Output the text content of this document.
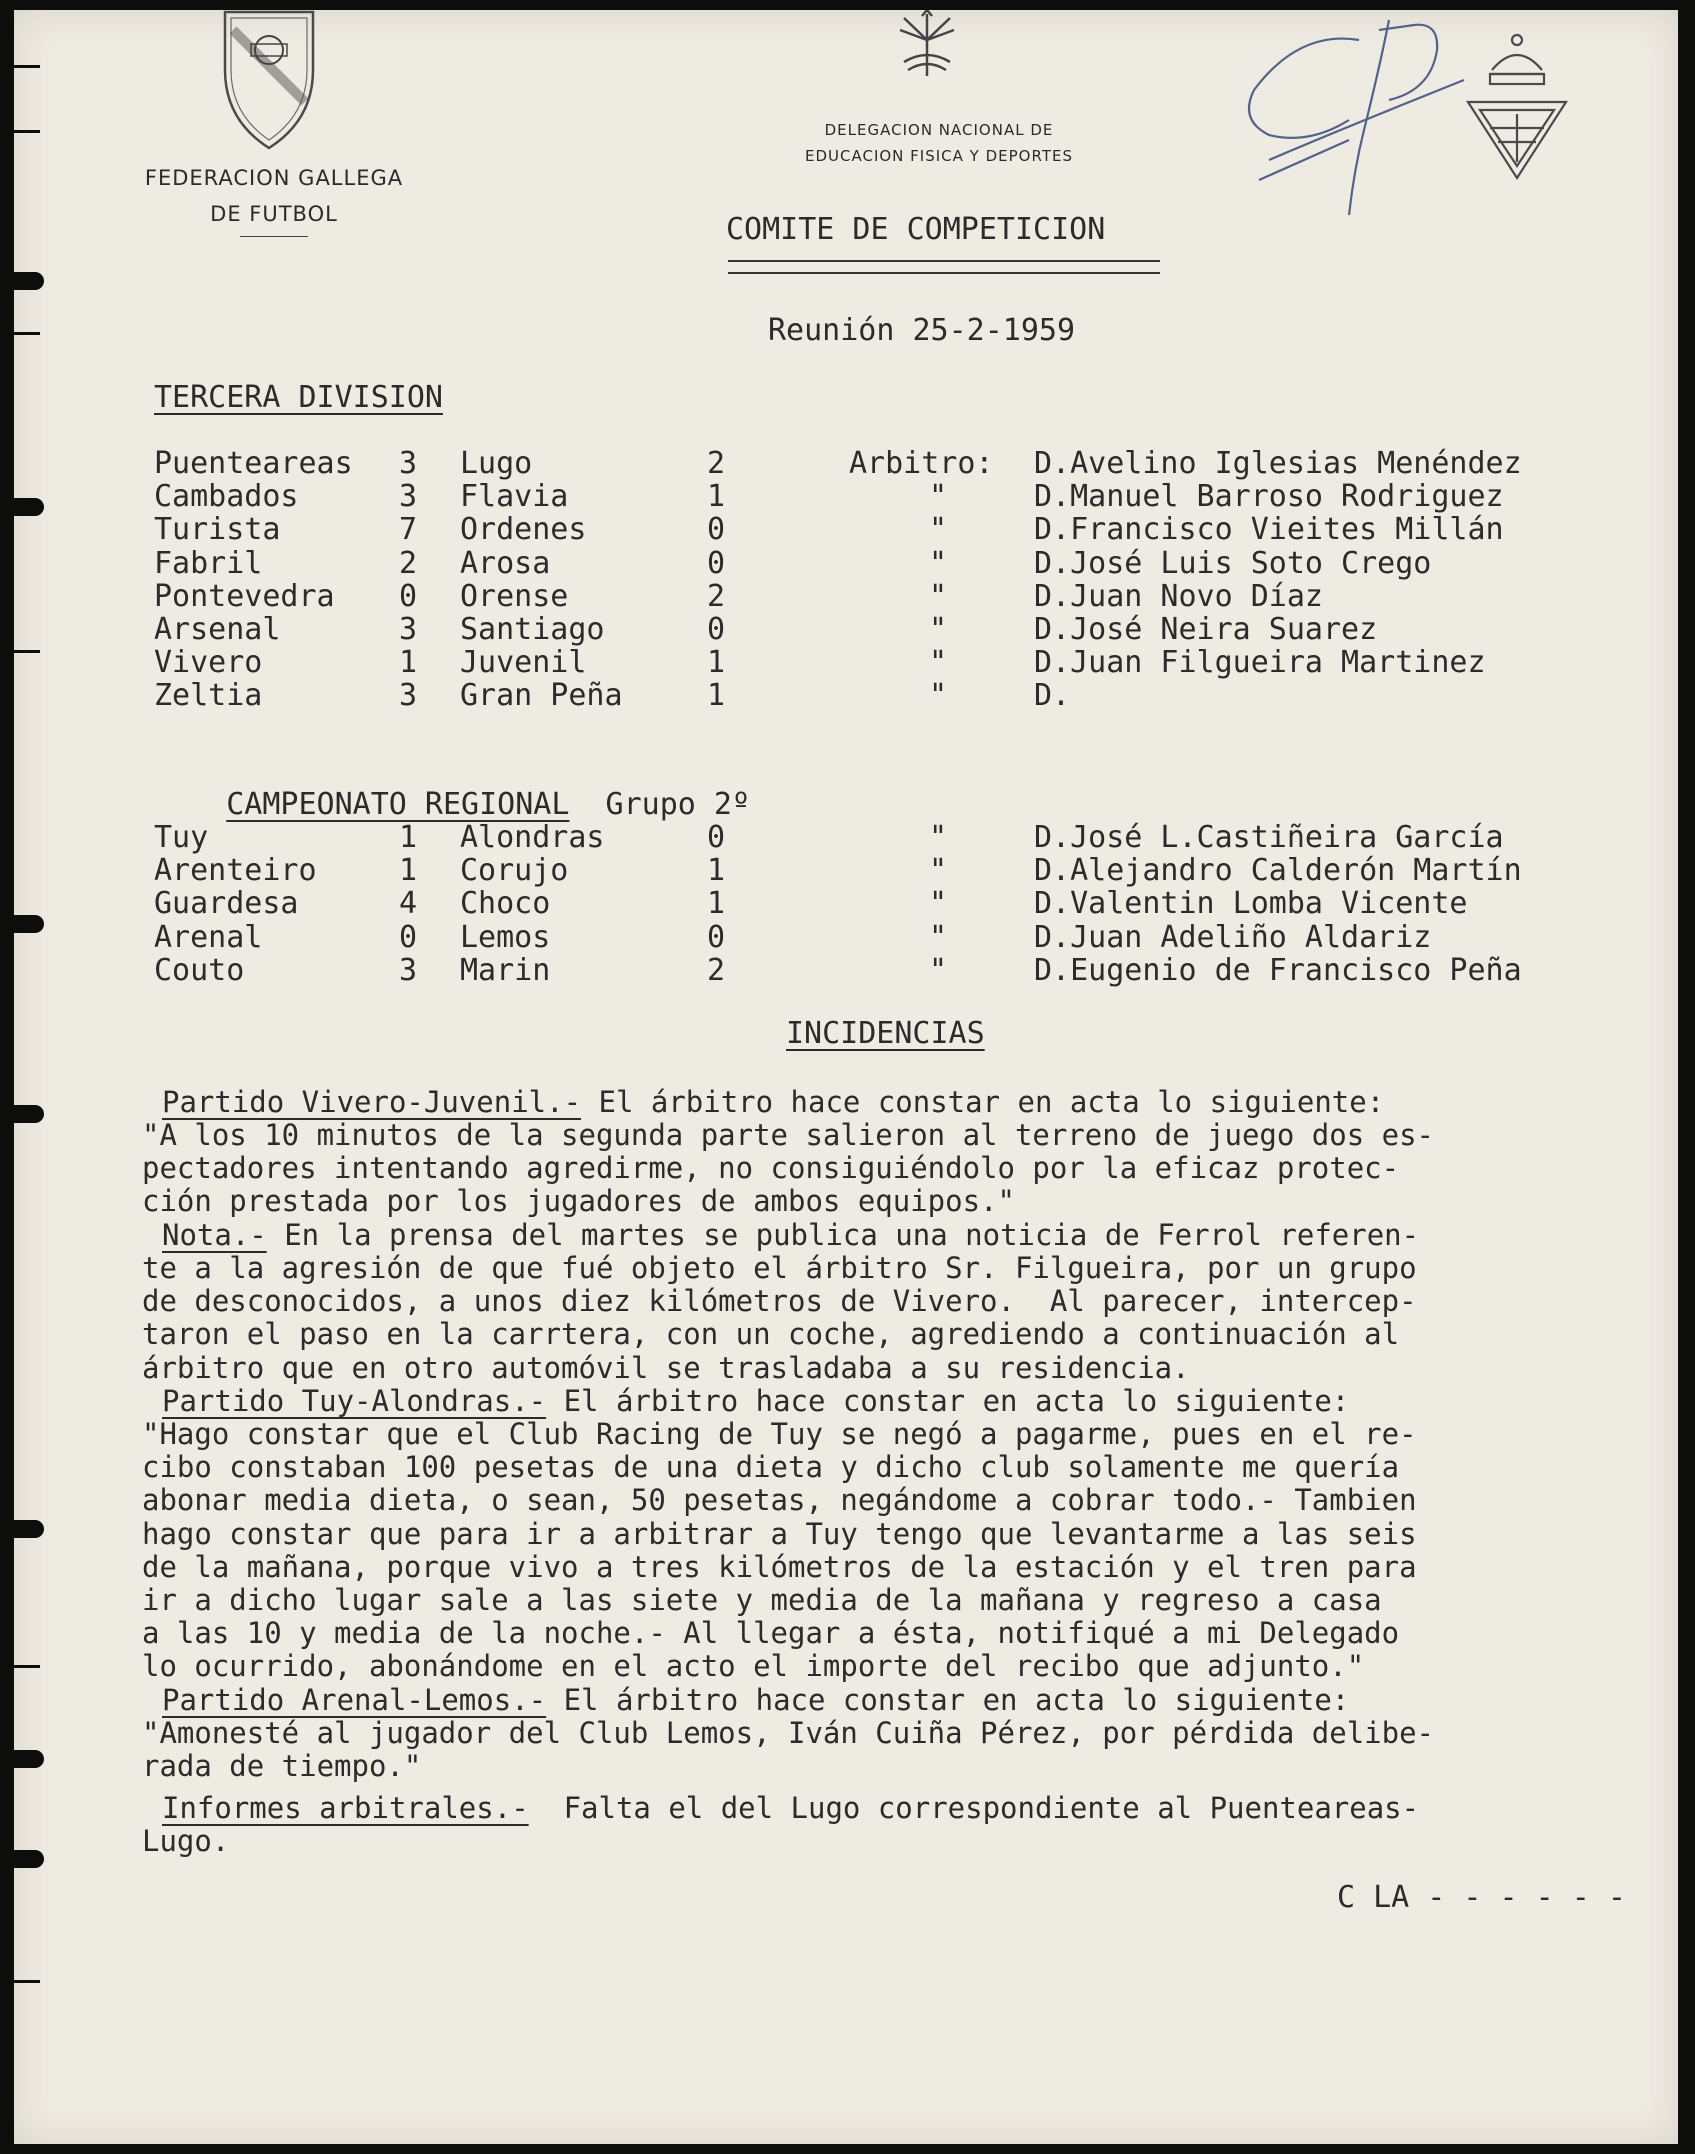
FEDERACION GALLEGA
DE FUTBOL
DELEGACION NACIONAL DE
EDUCACION FISICA Y DEPORTES
COMITE DE COMPETICION
Reunión 25-2-1959
TERCERA DIVISION
Puenteareas 3 Lugo	2	Arbitro: D.Avelino Iglesias Menéndez
Cambados	3 Flavia	1	"	D.Manuel Barroso Rodriguez
Turista	7 Ordenes	0	"	D.Francisco Vieites Millán
Fabril	2 Arosa	0	"	D.José Luis Soto Crego
Pontevedra 0 Orense	2	"	D.Juan Novo Díaz
Arsenal	3 Santiago	0	"	D.José Neira Suarez
Vivero	1 Juvenil	1	"	D.Juan Filgueira Martinez
Zeltia	3 Gran Peña	1	"	D.

CAMPEONATO REGIONAL Grupo 2º

Tuy	1 Alondras	0	"	D.José L.Castiñeira García
Arenteiro	1 Corujo	1	"	D.Alejandro Calderón Martín
Guardesa	4 Choco	1	"	D.Valentin Lomba Vicente
Arenal	0 Lemos	0	"	D.Juan Adeliño Aldariz
Couto	3 Marin	2	"	D.Eugenio de Francisco Peña
INCIDENCIAS
Partido Vivero-Juvenil.- El árbitro hace constar en acta lo siguiente:
"A los 10 minutos de la segunda parte salieron al terreno de juego dos es-
pectadores intentando agredirme, no consiguiéndolo por la eficaz protec-
ción prestada por los jugadores de ambos equipos."
Nota.- En la prensa del martes se publica una noticia de Ferrol referen-
te a la agresión de que fué objeto el árbitro Sr. Filgueira, por un grupo
de desconocidos, a unos diez kilómetros de Vivero.  Al parecer, intercep-
taron el paso en la carrtera, con un coche, agrediendo a continuación al
árbitro que en otro automóvil se trasladaba a su residencia.
Partido Tuy-Alondras.- El árbitro hace constar en acta lo siguiente:
"Hago constar que el Club Racing de Tuy se negó a pagarme, pues en el re-
cibo constaban 100 pesetas de una dieta y dicho club solamente me quería
abonar media dieta, o sean, 50 pesetas, negándome a cobrar todo.- Tambien
hago constar que para ir a arbitrar a Tuy tengo que levantarme a las seis
de la mañana, porque vivo a tres kilómetros de la estación y el tren para
ir a dicho lugar sale a las siete y media de la mañana y regreso a casa
a las 10 y media de la noche.- Al llegar a ésta, notifiqué a mi Delegado
lo ocurrido, abonándome en el acto el importe del recibo que adjunto."
Partido Arenal-Lemos.- El árbitro hace constar en acta lo siguiente:
"Amonesté al jugador del Club Lemos, Iván Cuiña Pérez, por pérdida delibe-
rada de tiempo."
Informes arbitrales.-  Falta el del Lugo correspondiente al Puenteareas-
Lugo.
C LA - - - - - -
